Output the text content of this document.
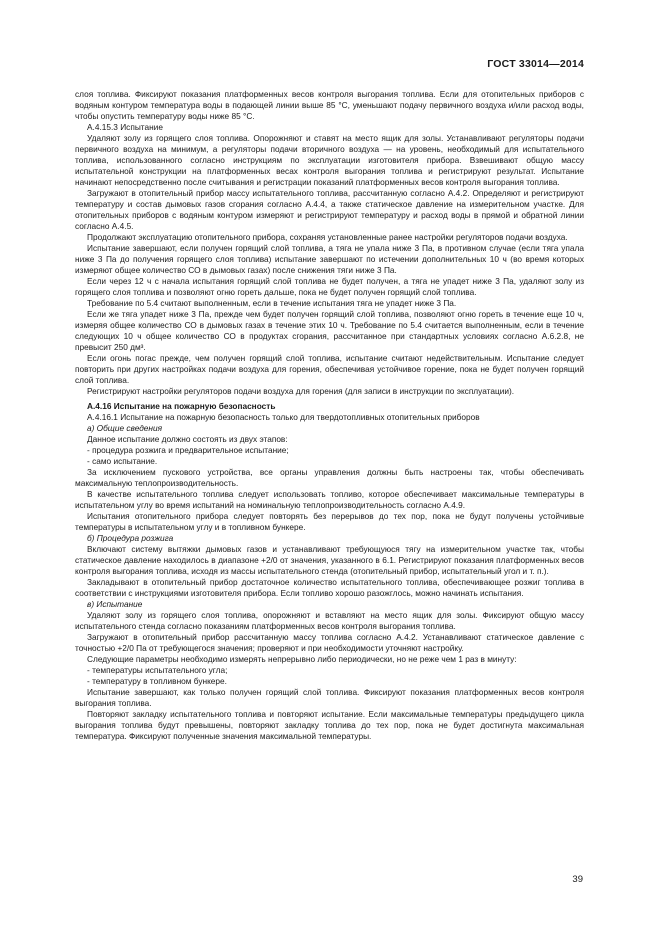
ГОСТ 33014—2014

слоя топлива. Фиксируют показания платформенных весов контроля выгорания топлива. Если для отопительных приборов с водяным контуром температура воды в подающей линии выше 85 °С, уменьшают подачу первичного воздуха и/или расход воды, чтобы опустить температуру воды ниже 85 °С.

А.4.15.3 Испытание

Удаляют золу из горящего слоя топлива. Опорожняют и ставят на место ящик для золы. Устанавливают регуляторы подачи первичного воздуха на минимум, а регуляторы подачи вторичного воздуха — на уровень, необходимый для испытательного топлива, использованного согласно инструкциям по эксплуатации изготовителя прибора. Взвешивают общую массу испытательной конструкции на платформенных весах контроля выгорания топлива и регистрируют результат. Испытание начинают непосредственно после считывания и регистрации показаний платформенных весов контроля выгорания топлива.

Загружают в отопительный прибор массу испытательного топлива, рассчитанную согласно А.4.2. Определяют и регистрируют температуру и состав дымовых газов сгорания согласно А.4.4, а также статическое давление на измерительном участке. Для отопительных приборов с водяным контуром измеряют и регистрируют температуру и расход воды в прямой и обратной линии согласно А.4.5.

Продолжают эксплуатацию отопительного прибора, сохраняя установленные ранее настройки регуляторов подачи воздуха.

Испытание завершают, если получен горящий слой топлива, а тяга не упала ниже 3 Па, в противном случае (если тяга упала ниже 3 Па до получения горящего слоя топлива) испытание завершают по истечении дополнительных 10 ч (во время которых измеряют общее количество СО в дымовых газах) после снижения тяги ниже 3 Па.

Если через 12 ч с начала испытания горящий слой топлива не будет получен, а тяга не упадет ниже 3 Па, удаляют золу из горящего слоя топлива и позволяют огню гореть дальше, пока не будет получен горящий слой топлива.

Требование по 5.4 считают выполненным, если в течение испытания тяга не упадет ниже 3 Па.

Если же тяга упадет ниже 3 Па, прежде чем будет получен горящий слой топлива, позволяют огню гореть в течение еще 10 ч, измеряя общее количество СО в дымовых газах в течение этих 10 ч. Требование по 5.4 считается выполненным, если в течение следующих 10 ч общее количество СО в продуктах сгорания, рассчитанное при стандартных условиях согласно А.6.2.8, не превысит 250 дм³.

Если огонь погас прежде, чем получен горящий слой топлива, испытание считают недействительным. Испытание следует повторить при других настройках подачи воздуха для горения, обеспечивая устойчивое горение, пока не будет получен горящий слой топлива.

Регистрируют настройки регуляторов подачи воздуха для горения (для записи в инструкции по эксплуатации).

А.4.16 Испытание на пожарную безопасность

А.4.16.1 Испытание на пожарную безопасность только для твердотопливных отопительных приборов

а) Общие сведения

Данное испытание должно состоять из двух этапов:

- процедура розжига и предварительное испытание;

- само испытание.

За исключением пускового устройства, все органы управления должны быть настроены так, чтобы обеспечивать максимальную теплопроизводительность.

В качестве испытательного топлива следует использовать топливо, которое обеспечивает максимальные температуры в испытательном углу во время испытаний на номинальную теплопроизводительность согласно А.4.9.

Испытания отопительного прибора следует повторять без перерывов до тех пор, пока не будут получены устойчивые температуры в испытательном углу и в топливном бункере.

б) Процедура розжига

Включают систему вытяжки дымовых газов и устанавливают требующуюся тягу на измерительном участке так, чтобы статическое давление находилось в диапазоне +2/0 от значения, указанного в 6.1. Регистрируют показания платформенных весов контроля выгорания топлива, исходя из массы испытательного стенда (отопительный прибор, испытательный угол и т. п.).

Закладывают в отопительный прибор достаточное количество испытательного топлива, обеспечивающее розжиг топлива в соответствии с инструкциями изготовителя прибора. Если топливо хорошо разожглось, можно начинать испытания.

в) Испытание

Удаляют золу из горящего слоя топлива, опорожняют и вставляют на место ящик для золы. Фиксируют общую массу испытательного стенда согласно показаниям платформенных весов контроля выгорания топлива.

Загружают в отопительный прибор рассчитанную массу топлива согласно А.4.2. Устанавливают статическое давление с точностью +2/0 Па от требующегося значения; проверяют и при необходимости уточняют настройку.

Следующие параметры необходимо измерять непрерывно либо периодически, но не реже чем 1 раз в минуту:

- температуры испытательного угла;

- температуру в топливном бункере.

Испытание завершают, как только получен горящий слой топлива. Фиксируют показания платформенных весов контроля выгорания топлива.

Повторяют закладку испытательного топлива и повторяют испытание. Если максимальные температуры предыдущего цикла выгорания топлива будут превышены, повторяют закладку топлива до тех пор, пока не будет достигнута максимальная температура. Фиксируют полученные значения максимальной температуры.

39
